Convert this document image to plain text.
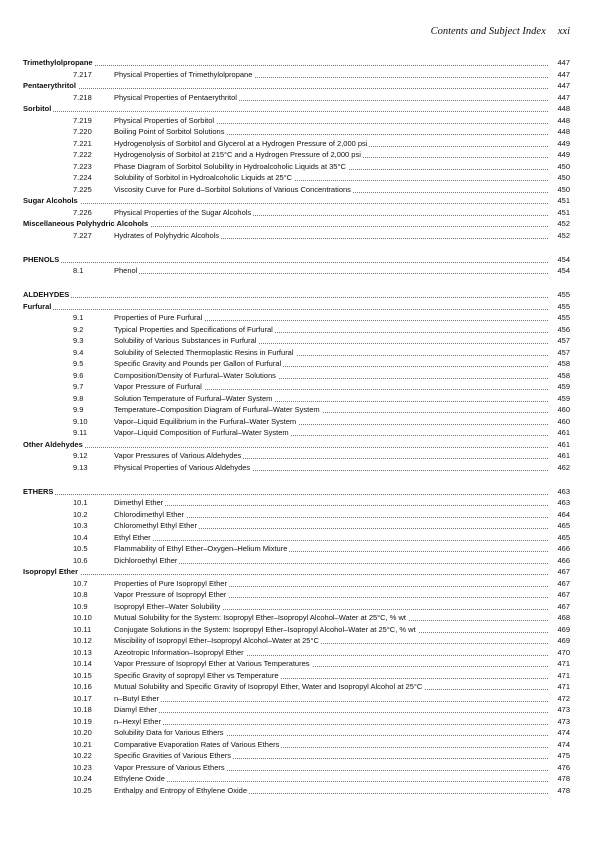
Contents and Subject Index xxi
Trimethylolpropane	447
7.217	Physical Properties of Trimethylolpropane	447
Pentaerythritol	447
7.218	Physical Properties of Pentaerythritol	447
Sorbitol	448
7.219	Physical Properties of Sorbitol	448
7.220	Boiling Point of Sorbitol Solutions	448
7.221	Hydrogenolysis of Sorbitol and Glycerol at a Hydrogen Pressure of 2,000 psi	449
7.222	Hydrogenolysis of Sorbitol at 215°C and a Hydrogen Pressure of 2,000 psi	449
7.223	Phase Diagram of Sorbitol Solubility in Hydroalcoholic Liquids at 35°C	450
7.224	Solubility of Sorbitol in Hydroalcoholic Liquids at 25°C	450
7.225	Viscosity Curve for Pure d–Sorbitol Solutions of Various Concentrations	450
Sugar Alcohols	451
7.226	Physical Properties of the Sugar Alcohols	451
Miscellaneous Polyhydric Alcohols	452
7.227	Hydrates of Polyhydric Alcohols	452
PHENOLS	454
8.1	Phenol	454
ALDEHYDES	455
Furfural	455
9.1	Properties of Pure Furfural	455
9.2	Typical Properties and Specifications of Furfural	456
9.3	Solubility of Various Substances in Furfural	457
9.4	Solubility of Selected Thermoplastic Resins in Furfural	457
9.5	Specific Gravity and Pounds per Gallon of Furfural	458
9.6	Composition/Density of Furfural–Water Solutions	458
9.7	Vapor Pressure of Furfural	459
9.8	Solution Temperature of Furfural–Water System	459
9.9	Temperature–Composition Diagram of Furfural–Water System	460
9.10	Vapor–Liquid Equilibrium in the Furfural–Water System	460
9.11	Vapor–Liquid Composition of Furfural–Water System	461
Other Aldehydes	461
9.12	Vapor Pressures of Various Aldehydes	461
9.13	Physical Properties of Various Aldehydes	462
ETHERS	463
10.1	Dimethyl Ether	463
10.2	Chlorodimethyl Ether	464
10.3	Chloromethyl Ethyl Ether	465
10.4	Ethyl Ether	465
10.5	Flammability of Ethyl Ether–Oxygen–Helium Mixture	466
10.6	Dichloroethyl Ether	466
Isopropyl Ether	467
10.7	Properties of Pure Isopropyl Ether	467
10.8	Vapor Pressure of Isopropyl Ether	467
10.9	Isopropyl Ether–Water Solubility	467
10.10	Mutual Solubility for the System: Isopropyl Ether–Isopropyl Alcohol–Water at 25°C, % wt	468
10.11	Conjugate Solutions in the System: Isopropyl Ether–Isopropyl Alcohol–Water at 25°C, % wt	469
10.12	Miscibility of Isopropyl Ether–Isopropyl Alcohol–Water at 25°C	469
10.13	Azeotropic Information–Isopropyl Ether	470
10.14	Vapor Pressure of Isopropyl Ether at Various Temperatures	471
10.15	Specific Gravity of sopropyl Ether vs Temperature	471
10.16	Mutual Solubility and Specific Gravity of Isopropyl Ether, Water and Isopropyl Alcohol at 25°C	471
10.17	n–Butyl Ether	472
10.18	Diamyl Ether	473
10.19	n–Hexyl Ether	473
10.20	Solubility Data for Various Ethers	474
10.21	Comparative Evaporation Rates of Various Ethers	474
10.22	Specific Gravities of Various Ethers	475
10.23	Vapor Pressure of Various Ethers	476
10.24	Ethylene Oxide	478
10.25	Enthalpy and Entropy of Ethylene Oxide	478
